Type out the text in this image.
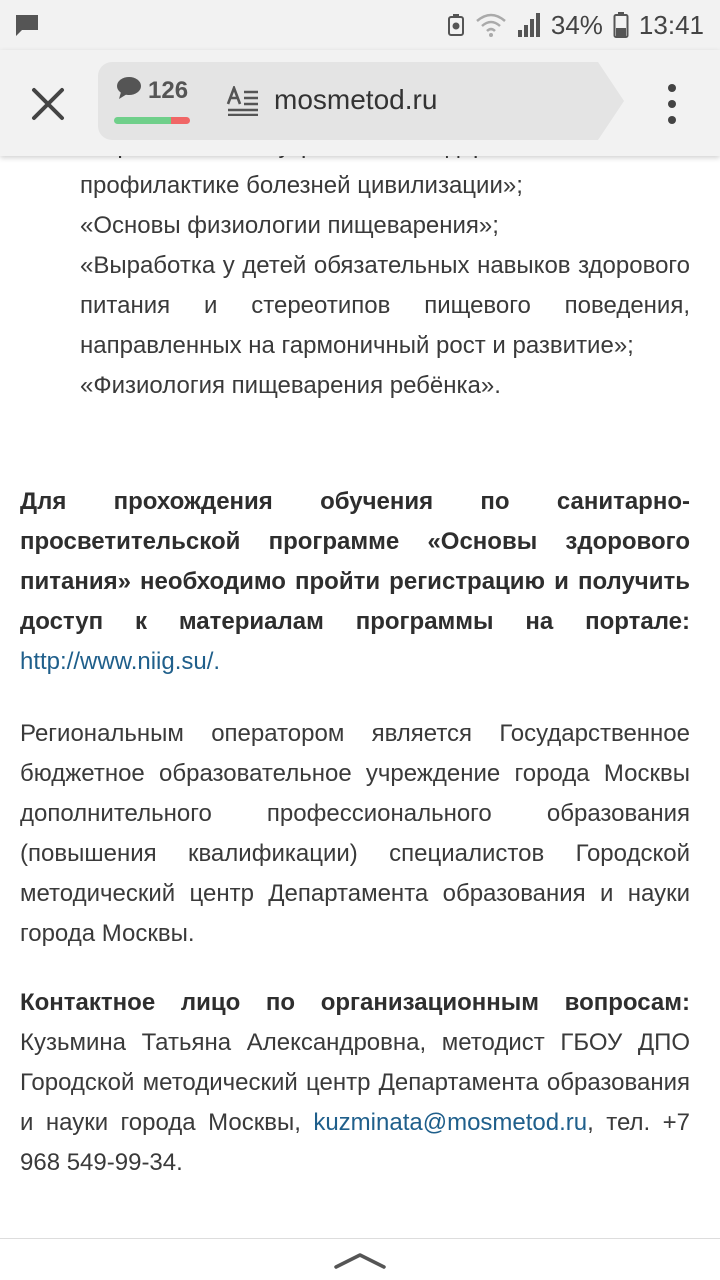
34% 13:41
126	mosmetod.ru

профилактике болезней цивилизации»;

«Основы физиологии пищеварения»;

«Выработка у детей обязательных навыков здорового питания и стереотипов пищевого поведения, направленных на гармоничный рост и развитие»;

«Физиология пищеварения ребёнка».

Для прохождения обучения по санитарно-просветительской программе «Основы здорового питания» необходимо пройти регистрацию и получить доступ к материалам программы на портале: http://www.niig.su/.

Региональным оператором является Государственное бюджетное образовательное учреждение города Москвы дополнительного профессионального образования (повышения квалификации) специалистов Городской методический центр Департамента образования и науки города Москвы.

Контактное лицо по организационным вопросам: Кузьмина Татьяна Александровна, методист ГБОУ ДПО Городской методический центр Департамента образования и науки города Москвы, kuzminata@mosmetod.ru, тел. +7 968 549-99-34.
